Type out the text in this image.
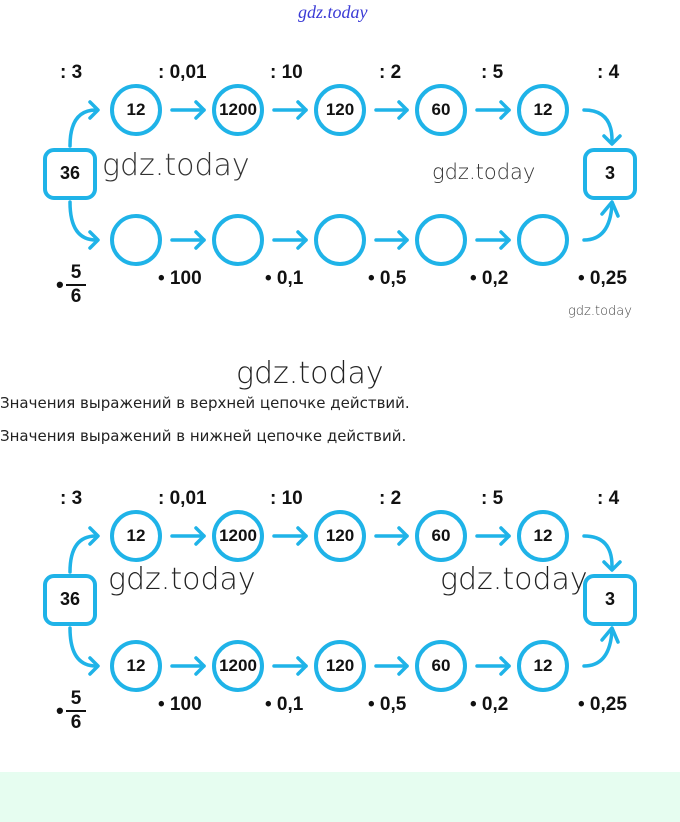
gdz.today
36	3
: 3	: 0,01	: 10	: 2	: 5	: 4
12	1200	120	60	12
• 100	• 0,1	• 0,5	• 0,2	• 0,25
• 5
6
gdz.today	gdz.today
gdz.today
gdz.today
Значения выражений в верхней цепочке действий.
Значения выражений в нижней цепочке действий.
36	3
: 3	: 0,01	: 10	: 2	: 5	: 4
12	1200	120	60	12
12	1200	120	60	12
• 100	• 0,1	• 0,5	• 0,2	• 0,25
• 5
6
gdz.today	gdz.today
